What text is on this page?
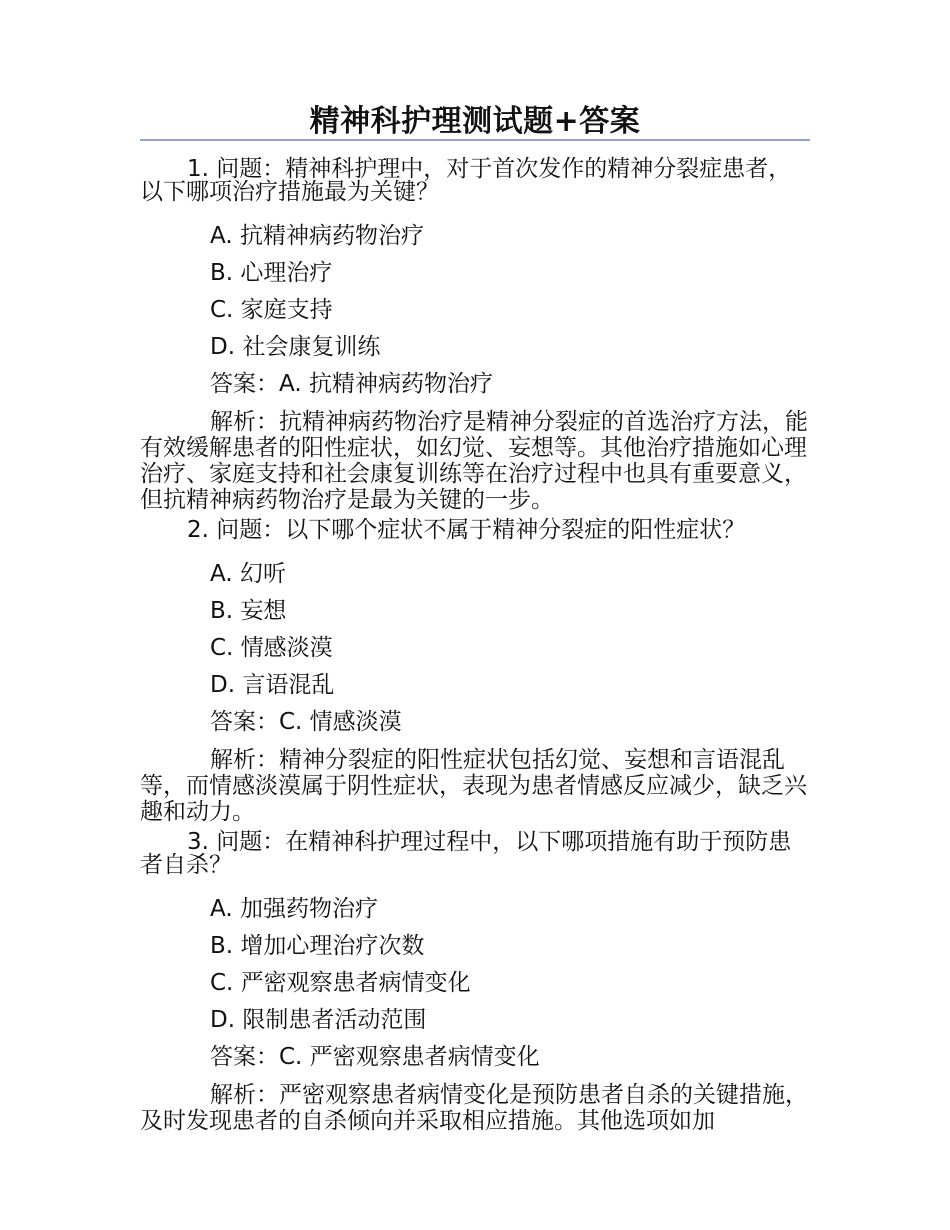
精神科护理测试题+答案

1. 问题：精神科护理中，对于首次发作的精神分裂症患者，以下哪项治疗措施最为关键？

A. 抗精神病药物治疗

B. 心理治疗

C. 家庭支持

D. 社会康复训练

答案：A. 抗精神病药物治疗

解析：抗精神病药物治疗是精神分裂症的首选治疗方法，能有效缓解患者的阳性症状，如幻觉、妄想等。其他治疗措施如心理治疗、家庭支持和社会康复训练等在治疗过程中也具有重要意义，但抗精神病药物治疗是最为关键的一步。

2. 问题：以下哪个症状不属于精神分裂症的阳性症状？

A. 幻听

B. 妄想

C. 情感淡漠

D. 言语混乱

答案：C. 情感淡漠

解析：精神分裂症的阳性症状包括幻觉、妄想和言语混乱等，而情感淡漠属于阴性症状，表现为患者情感反应减少，缺乏兴趣和动力。

3. 问题：在精神科护理过程中，以下哪项措施有助于预防患者自杀？

A. 加强药物治疗

B. 增加心理治疗次数

C. 严密观察患者病情变化

D. 限制患者活动范围

答案：C. 严密观察患者病情变化

解析：严密观察患者病情变化是预防患者自杀的关键措施，及时发现患者的自杀倾向并采取相应措施。其他选项如加
